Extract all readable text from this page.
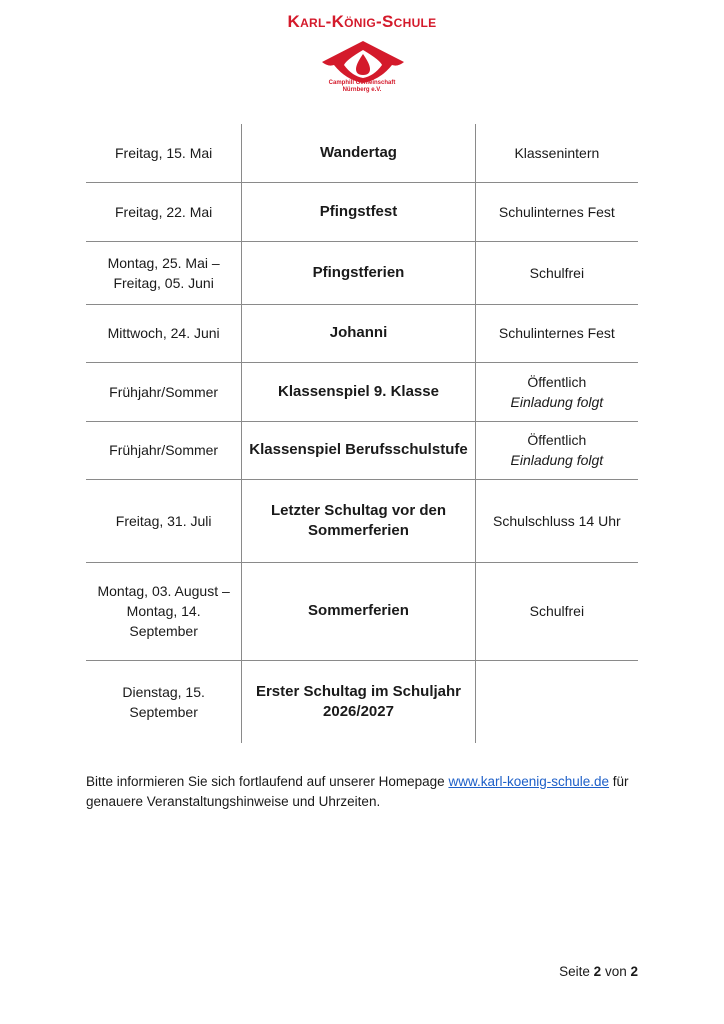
Karl-König-Schule
Camphill Gemeinschaft
Nürnberg e.V.
Freitag, 15. Mai	Wandertag	Klassenintern

Freitag, 22. Mai	Pfingstfest	Schulinternes Fest

Montag, 25. Mai –
Freitag, 05. Juni	Pfingstferien	Schulfrei

Mittwoch, 24. Juni	Johanni	Schulinternes Fest

Frühjahr/Sommer	Klassenspiel 9. Klasse	Öffentlich
Einladung folgt

Frühjahr/Sommer	Klassenspiel Berufsschulstufe	Öffentlich
Einladung folgt

Freitag, 31. Juli	Letzter Schultag vor den
Sommerferien	Schulschluss 14 Uhr

Montag, 03. August –
Montag, 14.
September	Sommerferien	Schulfrei

Dienstag, 15.
September	Erster Schultag im Schuljahr
2026/2027	

Bitte informieren Sie sich fortlaufend auf unserer Homepage www.karl-koenig-schule.de für genauere Veranstaltungshinweise und Uhrzeiten.
Seite 2 von 2
